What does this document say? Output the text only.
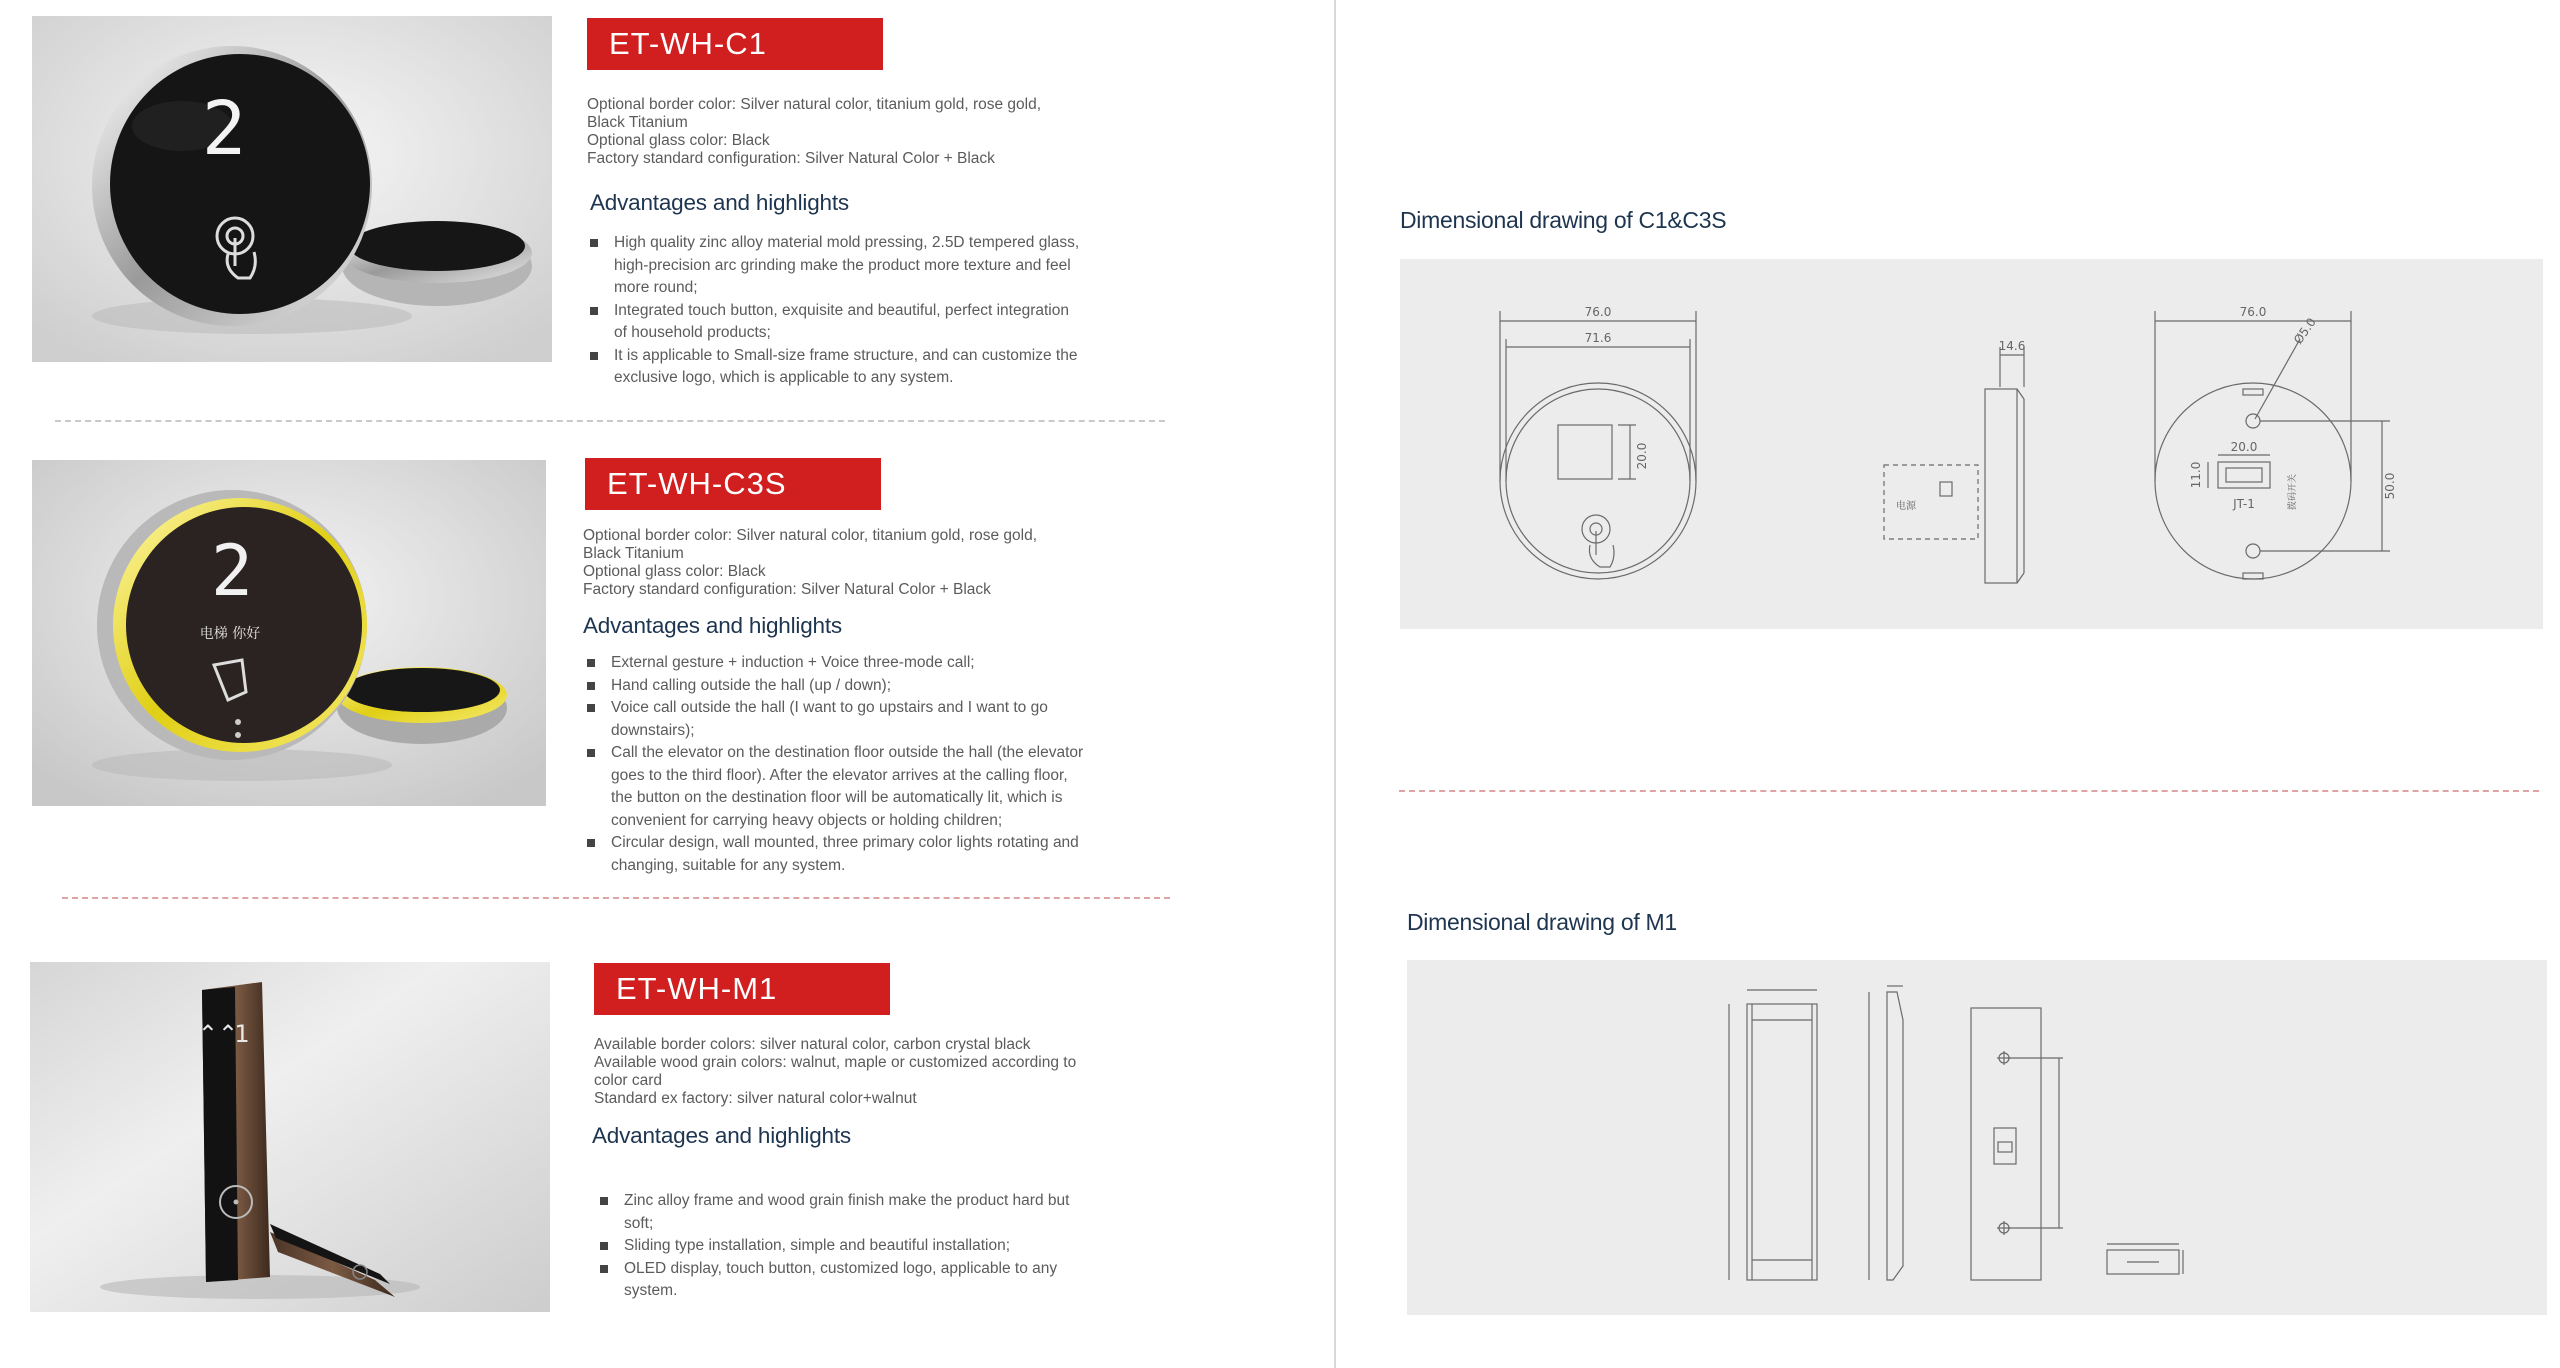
2
ET-WH-C1

Optional border color: Silver natural color, titanium gold, rose gold,

Black Titanium

Optional glass color: Black

Factory standard configuration: Silver Natural Color + Black

Advantages and highlights
High quality zinc alloy material mold pressing, 2.5D tempered glass,
high-precision arc grinding make the product more texture and feel
more round;
Integrated touch button, exquisite and beautiful, perfect integration
of household products;
It is applicable to Small-size frame structure, and can customize the
exclusive logo, which is applicable to any system.
2
电梯 你好
ET-WH-C3S

Optional border color: Silver natural color, titanium gold, rose gold,

Black Titanium

Optional glass color: Black

Factory standard configuration: Silver Natural Color + Black

Advantages and highlights
External gesture + induction + Voice three-mode call;
Hand calling outside the hall (up / down);
Voice call outside the hall (I want to go upstairs and I want to go
downstairs);
Call the elevator on the destination floor outside the hall (the elevator
goes to the third floor). After the elevator arrives at the calling floor,
the button on the destination floor will be automatically lit, which is
convenient for carrying heavy objects or holding children;
Circular design, wall mounted, three primary color lights rotating and
changing, suitable for any system.
⌃⌃
1
ET-WH-M1

Available border colors: silver natural color, carbon crystal black

Available wood grain colors: walnut, maple or customized according to

color card

Standard ex factory: silver natural color+walnut

Advantages and highlights
Zinc alloy frame and wood grain finish make the product hard but
soft;
Sliding type installation, simple and beautiful installation;
OLED display, touch button, customized logo, applicable to any
system.
Dimensional drawing of C1&C3S
76.0
71.6
20.0
14.6
76.0
Ø5.0
20.0
11.0	50.0
JT-1
电源	拨码开关
Dimensional drawing of M1
